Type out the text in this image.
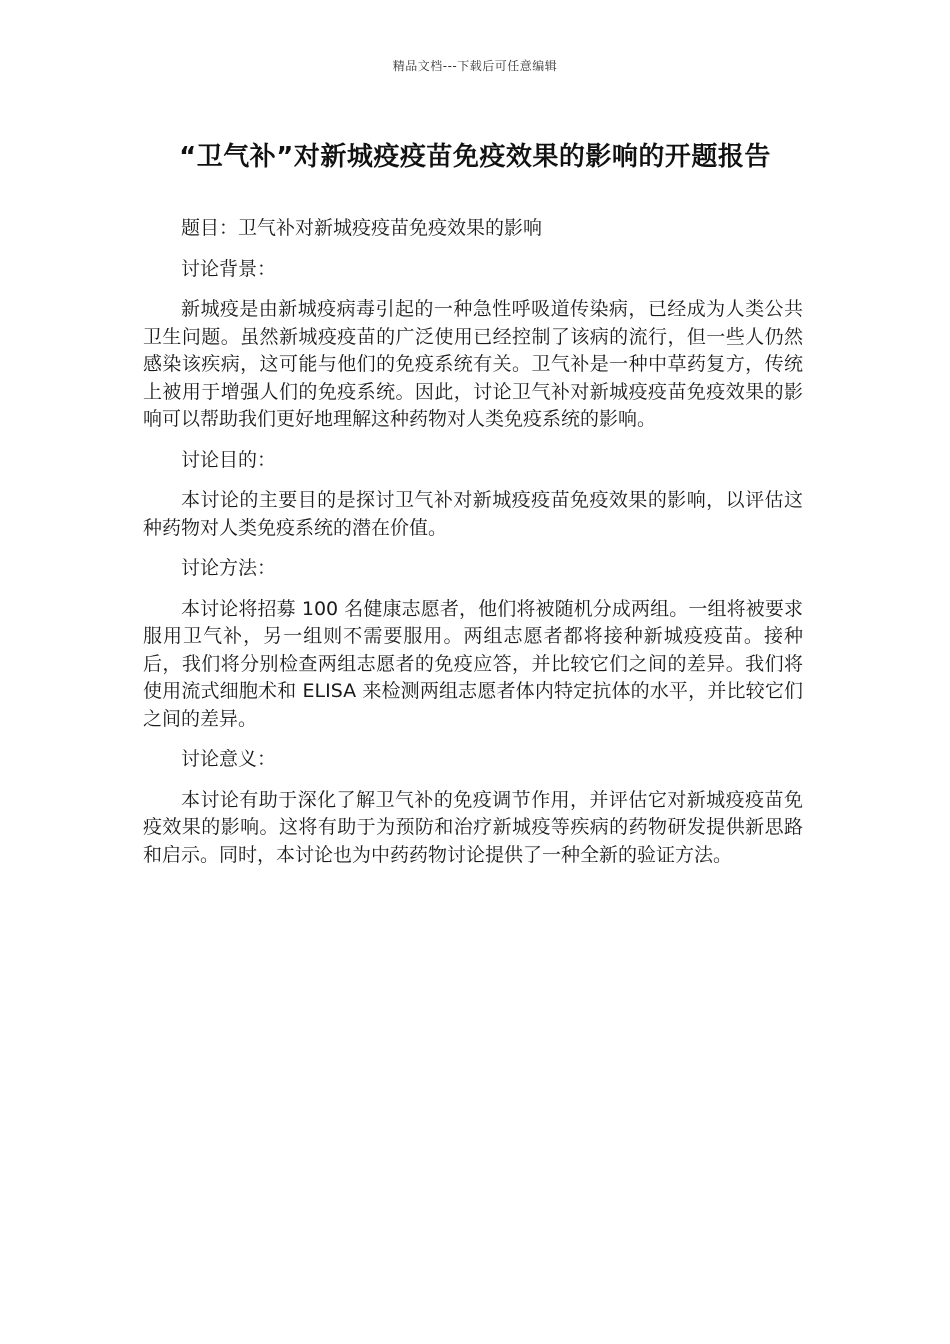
精品文档---下载后可任意编辑
“卫气补”对新城疫疫苗免疫效果的影响的开题报告

题目：卫气补对新城疫疫苗免疫效果的影响

讨论背景：

新城疫是由新城疫病毒引起的一种急性呼吸道传染病，已经成为人类公共卫生问题。虽然新城疫疫苗的广泛使用已经控制了该病的流行，但一些人仍然感染该疾病，这可能与他们的免疫系统有关。卫气补是一种中草药复方，传统上被用于增强人们的免疫系统。因此，讨论卫气补对新城疫疫苗免疫效果的影响可以帮助我们更好地理解这种药物对人类免疫系统的影响。

讨论目的：

本讨论的主要目的是探讨卫气补对新城疫疫苗免疫效果的影响，以评估这种药物对人类免疫系统的潜在价值。

讨论方法：

本讨论将招募 100 名健康志愿者，他们将被随机分成两组。一组将被要求服用卫气补，另一组则不需要服用。两组志愿者都将接种新城疫疫苗。接种后，我们将分别检查两组志愿者的免疫应答，并比较它们之间的差异。我们将使用流式细胞术和 ELISA 来检测两组志愿者体内特定抗体的水平，并比较它们之间的差异。

讨论意义：

本讨论有助于深化了解卫气补的免疫调节作用，并评估它对新城疫疫苗免疫效果的影响。这将有助于为预防和治疗新城疫等疾病的药物研发提供新思路和启示。同时，本讨论也为中药药物讨论提供了一种全新的验证方法。
